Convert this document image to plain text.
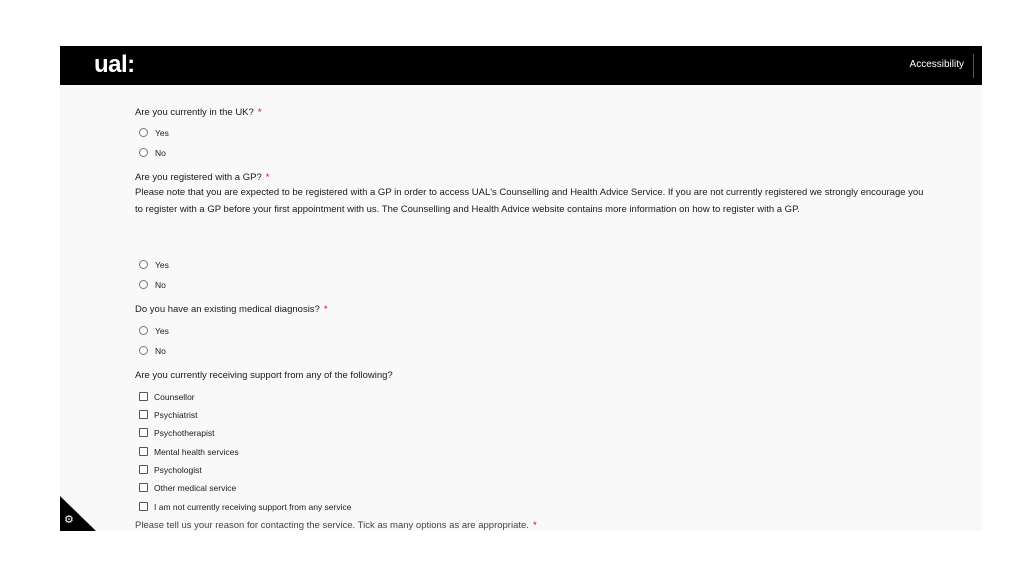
ual:	Accessibility
Are you currently in the UK? *
Yes
No
Are you registered with a GP? *
Please note that you are expected to be registered with a GP in order to access UAL's Counselling and Health Advice Service. If you are not currently registered we strongly encourage you to register with a GP before your first appointment with us. The Counselling and Health Advice website contains more information on how to register with a GP.
Yes
No
Do you have an existing medical diagnosis? *
Yes
No
Are you currently receiving support from any of the following?
Counsellor
Psychiatrist
Psychotherapist
Mental health services
Psychologist
Other medical service
I am not currently receiving support from any service
Please tell us your reason for contacting the service. Tick as many options as are appropriate. *
⚙
